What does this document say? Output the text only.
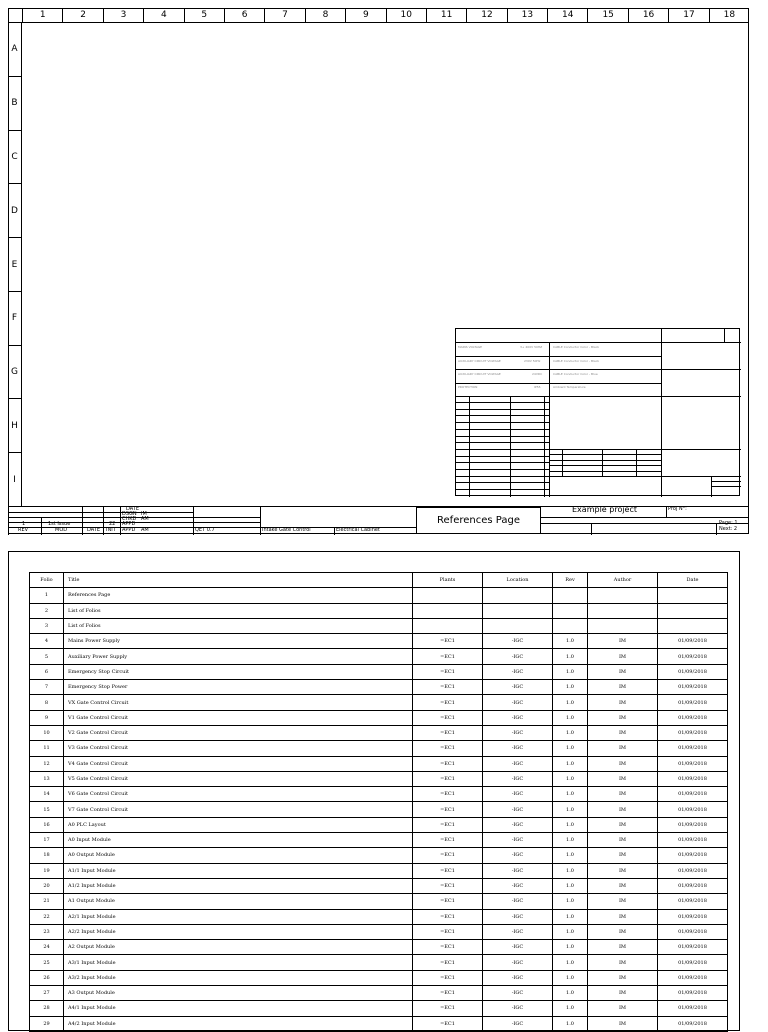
1	2	3	4	5	6	7	8	9	10	11	12	13	14	15	16	17	18
A
B
C
D
E
F
G
H
I
MAINS VOLTAGE	3+ 400V 50HZ	CABLE Conductor Color - Black
AUXILIARY CIRCUIT VOLTAGE	230V 50Hz	CABLE Conductor Color - Black
AUXILIARY CIRCUIT VOLTAGE	24VDC	CABLE Conductor Color - Blue
PROTECTION	IP55	Ambient Temperature
DATE
DSGN IM
CHKD AM
APPD
AM
1	1st Issue	22
REV	MOD	DATE INIT APPD	QET 0.7	Intake Gate Control	Electrical Cabinet
Example project	Proj N°:
Page: 1
Next: 2
References Page
Folio	Title	Plants	Location	Rev	Author	Date
1	References Page					
2	List of Folios					
3	List of Folios					
4	Mains Power Supply	=EC1	-IGC	1.0	IM	01/09/2018
5	Auxiliary Power Supply	=EC1	-IGC	1.0	IM	01/09/2018
6	Emergency Stop Circuit	=EC1	-IGC	1.0	IM	01/09/2018
7	Emergency Stop Power	=EC1	-IGC	1.0	IM	01/09/2018
8	VX Gate Control Circuit	=EC1	-IGC	1.0	IM	01/09/2018
9	V1 Gate Control Circuit	=EC1	-IGC	1.0	IM	01/09/2018
10	V2 Gate Control Circuit	=EC1	-IGC	1.0	IM	01/09/2018
11	V3 Gate Control Circuit	=EC1	-IGC	1.0	IM	01/09/2018
12	V4 Gate Control Circuit	=EC1	-IGC	1.0	IM	01/09/2018
13	V5 Gate Control Circuit	=EC1	-IGC	1.0	IM	01/09/2018
14	V6 Gate Control Circuit	=EC1	-IGC	1.0	IM	01/09/2018
15	V7 Gate Control Circuit	=EC1	-IGC	1.0	IM	01/09/2018
16	A0 PLC Layout	=EC1	-IGC	1.0	IM	01/09/2018
17	A0 Input Module	=EC1	-IGC	1.0	IM	01/09/2018
18	A0 Output Module	=EC1	-IGC	1.0	IM	01/09/2018
19	A1/1 Input Module	=EC1	-IGC	1.0	IM	01/09/2018
20	A1/2 Input Module	=EC1	-IGC	1.0	IM	01/09/2018
21	A1 Output Module	=EC1	-IGC	1.0	IM	01/09/2018
22	A2/1 Input Module	=EC1	-IGC	1.0	IM	01/09/2018
23	A2/2 Input Module	=EC1	-IGC	1.0	IM	01/09/2018
24	A2 Output Module	=EC1	-IGC	1.0	IM	01/09/2018
25	A3/1 Input Module	=EC1	-IGC	1.0	IM	01/09/2018
26	A3/2 Input Module	=EC1	-IGC	1.0	IM	01/09/2018
27	A3 Output Module	=EC1	-IGC	1.0	IM	01/09/2018
28	A4/1 Input Module	=EC1	-IGC	1.0	IM	01/09/2018
29	A4/2 Input Module	=EC1	-IGC	1.0	IM	01/09/2018
